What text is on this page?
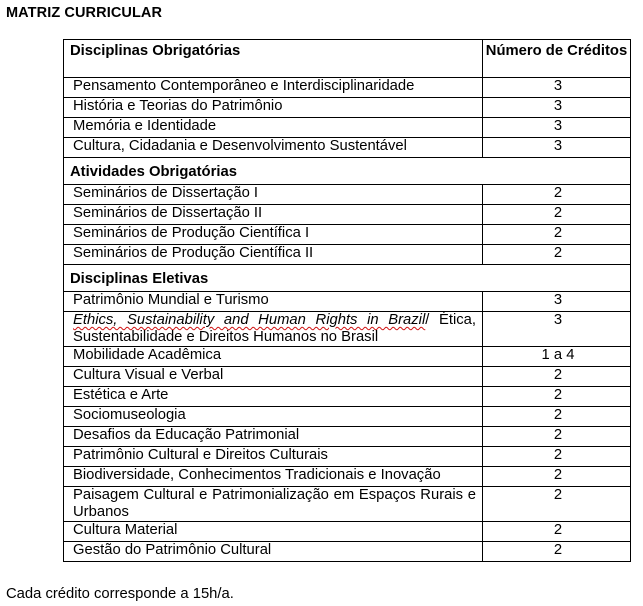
MATRIZ CURRICULAR
Disciplinas Obrigatórias	Número de Créditos
Pensamento Contemporâneo e Interdisciplinaridade	3
História e Teorias do Patrimônio	3
Memória e Identidade	3
Cultura, Cidadania e Desenvolvimento Sustentável	3
Atividades Obrigatórias	
Seminários de Dissertação I	2
Seminários de Dissertação II	2
Seminários de Produção Científica I	2
Seminários de Produção Científica II	2
Disciplinas Eletivas	
Patrimônio Mundial e Turismo	3
Ethics, Sustainability and Human Rights in Brazil/ Ética, Sustentabilidade e Direitos Humanos no Brasil	3
Mobilidade Acadêmica	1 a 4
Cultura Visual e Verbal	2
Estética e Arte	2
Sociomuseologia	2
Desafios da Educação Patrimonial	2
Patrimônio Cultural e Direitos Culturais	2
Biodiversidade, Conhecimentos Tradicionais e Inovação	2
Paisagem Cultural e Patrimonialização em Espaços Rurais e Urbanos	2
Cultura Material	2
Gestão do Patrimônio Cultural	2
Cada crédito corresponde a 15h/a.
